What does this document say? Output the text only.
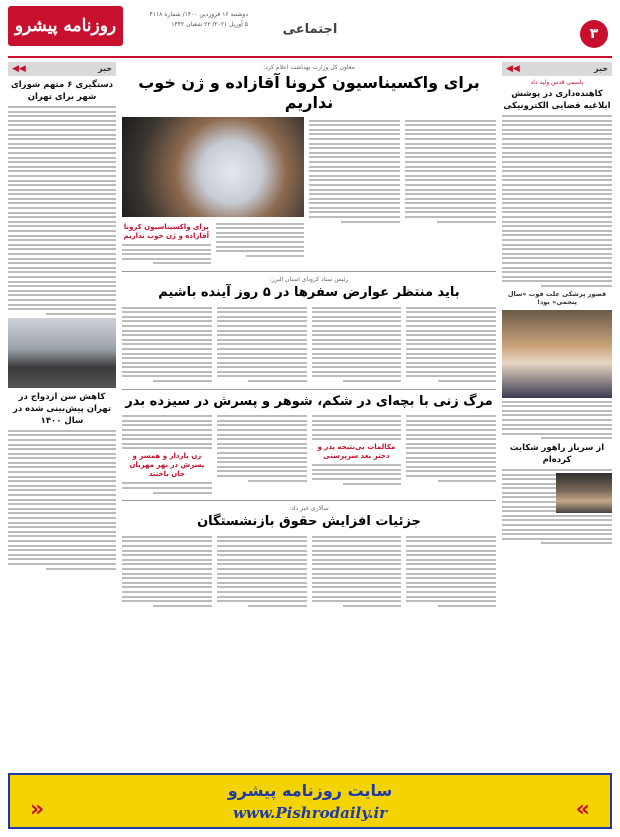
۳
اجتماعی
روزنامه پیشرو
دوشنبه ۱۶ فروردین ۱۴۰۰/ شماره ۴۱۱۸
۵ آوریل ۲۰۲۱/ ۲۲ شعبان ۱۴۴۲
خبر
◀◀
باسمی قدس ولید داد
کاهنده‌داری در پوشش ابلاغیه قضایی الکترونیکی
قصور پزشکی علت فوت «سال پنجمی» بود!
از سرباز راهور شکایت کرده‌ام
خبر
◀◀
دستگیری ۶ متهم شورای شهر برای تهران
کاهش سن ازدواج در تهران پیش‌بینی شده در سال ۱۴۰۰
معاون کل وزارت بهداشت اعلام کرد:
برای واکسیناسیون کرونا آقازاده و ژن خوب نداریم
برای واکسیناسیون کرونا آقازاده و ژن خوب نداریم
رئیس ستاد کرونای استان البرز:
باید منتظر عوارض سفرها در ۵ روز آینده باشیم
مرگ زنی با بچه‌ای در شکم، شوهر و پسرش در سیزده بدر
مکالمات بی‌نتیجه پدر و دختر بعد سرپرستی
زن باردار و همسر و پسرش در نهر مهربان جان باختند
سالاری خبر داد:
جزئیات افزایش حقوق بازنشستگان
«	»
سایت روزنامه پیشرو
www.Pishrodaily.ir
